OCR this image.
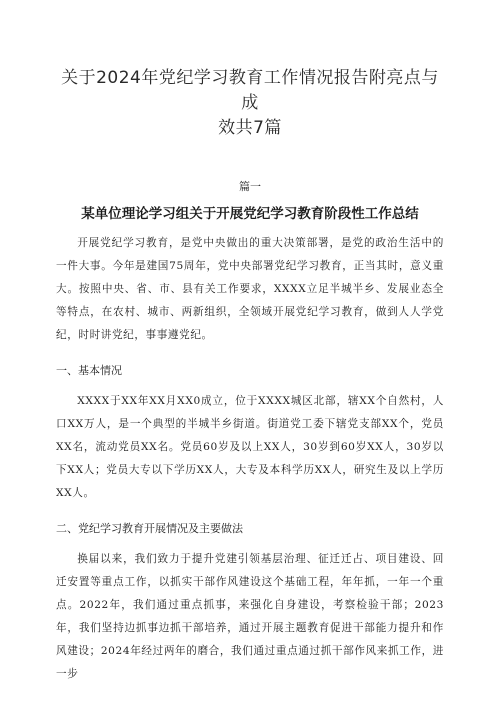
关于2024年党纪学习教育工作情况报告附亮点与成
效共7篇
篇一
某单位理论学习组关于开展党纪学习教育阶段性工作总结

开展党纪学习教育，是党中央做出的重大决策部署，是党的政治生活中的一件大事。今年是建国75周年，党中央部署党纪学习教育，正当其时，意义重大。按照中央、省、市、县有关工作要求，XXXX立足半城半乡、发展业态全等特点，在农村、城市、两新组织，全领域开展党纪学习教育，做到人人学党纪，时时讲党纪，事事遵党纪。

一、基本情况

XXXX于XX年XX月XX0成立，位于XXXX城区北部，辖XX个自然村，人口XX万人，是一个典型的半城半乡街道。街道党工委下辖党支部XX个，党员XX名，流动党员XX名。党员60岁及以上XX人，30岁到60岁XX人，30岁以下XX人；党员大专以下学历XX人，大专及本科学历XX人，研究生及以上学历XX人。

二、党纪学习教育开展情况及主要做法

换届以来，我们致力于提升党建引领基层治理、征迁迁占、项目建设、回迁安置等重点工作，以抓实干部作风建设这个基础工程，年年抓，一年一个重点。2022年，我们通过重点抓事，来强化自身建设，考察检验干部；2023年，我们坚持边抓事边抓干部培养，通过开展主题教育促进干部能力提升和作风建设；2024年经过两年的磨合，我们通过重点通过抓干部作风来抓工作，进一步
